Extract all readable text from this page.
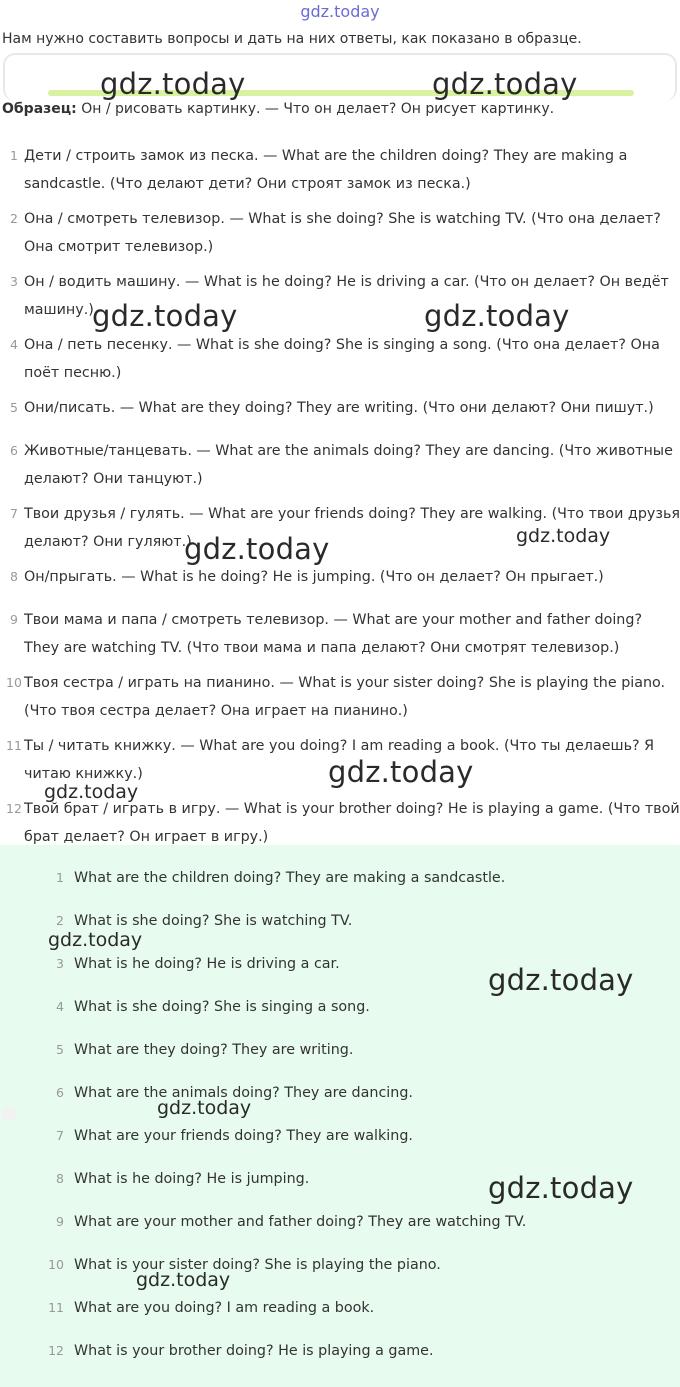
gdz.today
Нам нужно составить вопросы и дать на них ответы, как показано в образце.
Образец: Он / рисовать картинку. — Что он делает? Он рисует картинку.
1 Дети / строить замок из песка. — What are the children doing? They are making a
sandcastle. (Что делают дети? Они строят замок из песка.)
2 Она / смотреть телевизор. — What is she doing? She is watching TV. (Что она делает?
Она смотрит телевизор.)
3 Он / водить машину. — What is he doing? He is driving a car. (Что он делает? Он ведёт
машину.)
4 Она / петь песенку. — What is she doing? She is singing a song. (Что она делает? Она
поёт песню.)
5 Они/писать. — What are they doing? They are writing. (Что они делают? Они пишут.)
6 Животные/танцевать. — What are the animals doing? They are dancing. (Что животные
делают? Они танцуют.)
7 Твои друзья / гулять. — What are your friends doing? They are walking. (Что твои друзья
делают? Они гуляют.)
8 Он/прыгать. — What is he doing? He is jumping. (Что он делает? Он прыгает.)
9 Твои мама и папа / смотреть телевизор. — What are your mother and father doing?
They are watching TV. (Что твои мама и папа делают? Они смотрят телевизор.)
10 Твоя сестра / играть на пианино. — What is your sister doing? She is playing the piano.
(Что твоя сестра делает? Она играет на пианино.)
11 Ты / читать книжку. — What are you doing? I am reading a book. (Что ты делаешь? Я
читаю книжку.)
12 Твой брат / играть в игру. — What is your brother doing? He is playing a game. (Что твой
брат делает? Он играет в игру.)
1 What are the children doing? They are making a sandcastle.
2 What is she doing? She is watching TV.
3 What is he doing? He is driving a car.
4 What is she doing? She is singing a song.
5 What are they doing? They are writing.
6 What are the animals doing? They are dancing.
7 What are your friends doing? They are walking.
8 What is he doing? He is jumping.
9 What are your mother and father doing? They are watching TV.
10 What is your sister doing? She is playing the piano.
11 What are you doing? I am reading a book.
12 What is your brother doing? He is playing a game.
gdz.today	gdz.today
gdz.today	gdz.today
gdz.today	gdz.today
gdz.today
gdz.today
gdz.today
gdz.today
gdz.today
gdz.today
gdz.today
